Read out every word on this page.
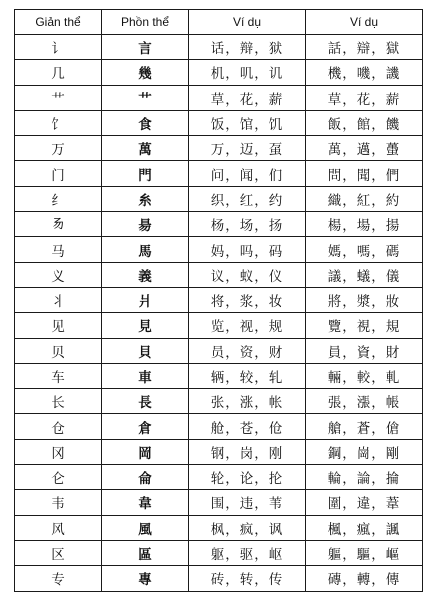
Giản thể	Phồn thể	Ví dụ	Ví dụ
讠	言	话，辩，狱	話，辯，獄
几	幾	机，叽，讥	機，嘰，譏
艹	艹	草，花，薪	草，花，薪
饣	食	饭，馆，饥	飯，館，饑
万	萬	万，迈，虿	萬，邁，蠆
门	門	问，闻，们	問，聞，們
纟	糸	织，红，约	織，紅，約
𠃓	昜	杨，场，扬	楊，場，揚
马	馬	妈，吗，码	媽，嗎，碼
义	義	议，蚁，仪	議，蟻，儀
丬	爿	将，浆，妆	將，漿，妝
见	見	览，视，规	覽，視，規
贝	貝	员，资，财	員，資，財
车	車	辆，较，轧	輛，較，軋
长	長	张，涨，帐	張，漲，帳
仓	倉	舱，苍，伧	艙，蒼，傖
冈	岡	钢，岗，刚	鋼，崗，剛
仑	侖	轮，论，抡	輪，論，掄
韦	韋	围，违，苇	圍，違，葦
风	風	枫，疯，讽	楓，瘋，諷
区	區	躯，驱，岖	軀，驅，嶇
专	專	砖，转，传	磚，轉，傳
